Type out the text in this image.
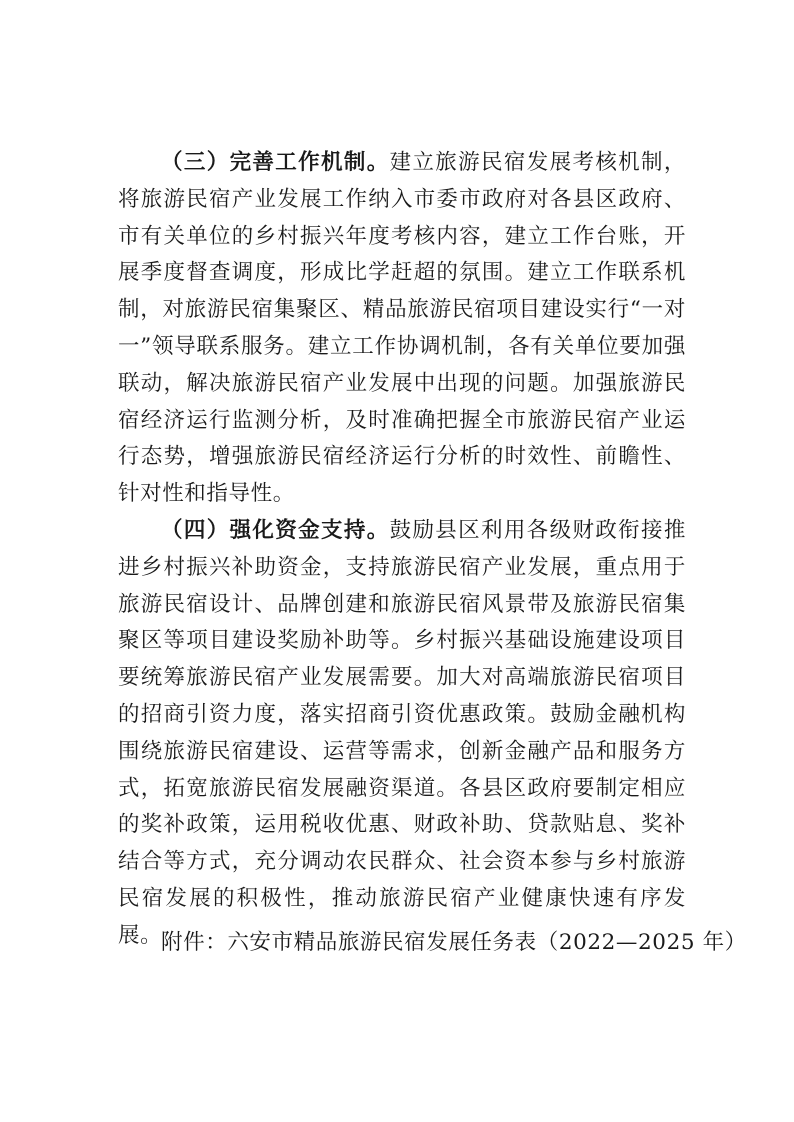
（三）完善工作机制。建立旅游民宿发展考核机制，将旅游民宿产业发展工作纳入市委市政府对各县区政府、市有关单位的乡村振兴年度考核内容，建立工作台账，开展季度督查调度，形成比学赶超的氛围。建立工作联系机制，对旅游民宿集聚区、精品旅游民宿项目建设实行“一对一”领导联系服务。建立工作协调机制，各有关单位要加强联动，解决旅游民宿产业发展中出现的问题。加强旅游民宿经济运行监测分析，及时准确把握全市旅游民宿产业运行态势，增强旅游民宿经济运行分析的时效性、前瞻性、针对性和指导性。

（四）强化资金支持。鼓励县区利用各级财政衔接推进乡村振兴补助资金，支持旅游民宿产业发展，重点用于旅游民宿设计、品牌创建和旅游民宿风景带及旅游民宿集聚区等项目建设奖励补助等。乡村振兴基础设施建设项目要统筹旅游民宿产业发展需要。加大对高端旅游民宿项目的招商引资力度，落实招商引资优惠政策。鼓励金融机构围绕旅游民宿建设、运营等需求，创新金融产品和服务方式，拓宽旅游民宿发展融资渠道。各县区政府要制定相应的奖补政策，运用税收优惠、财政补助、贷款贴息、奖补结合等方式，充分调动农民群众、社会资本参与乡村旅游民宿发展的积极性，推动旅游民宿产业健康快速有序发展。

附件：六安市精品旅游民宿发展任务表（2022—2025 年）
